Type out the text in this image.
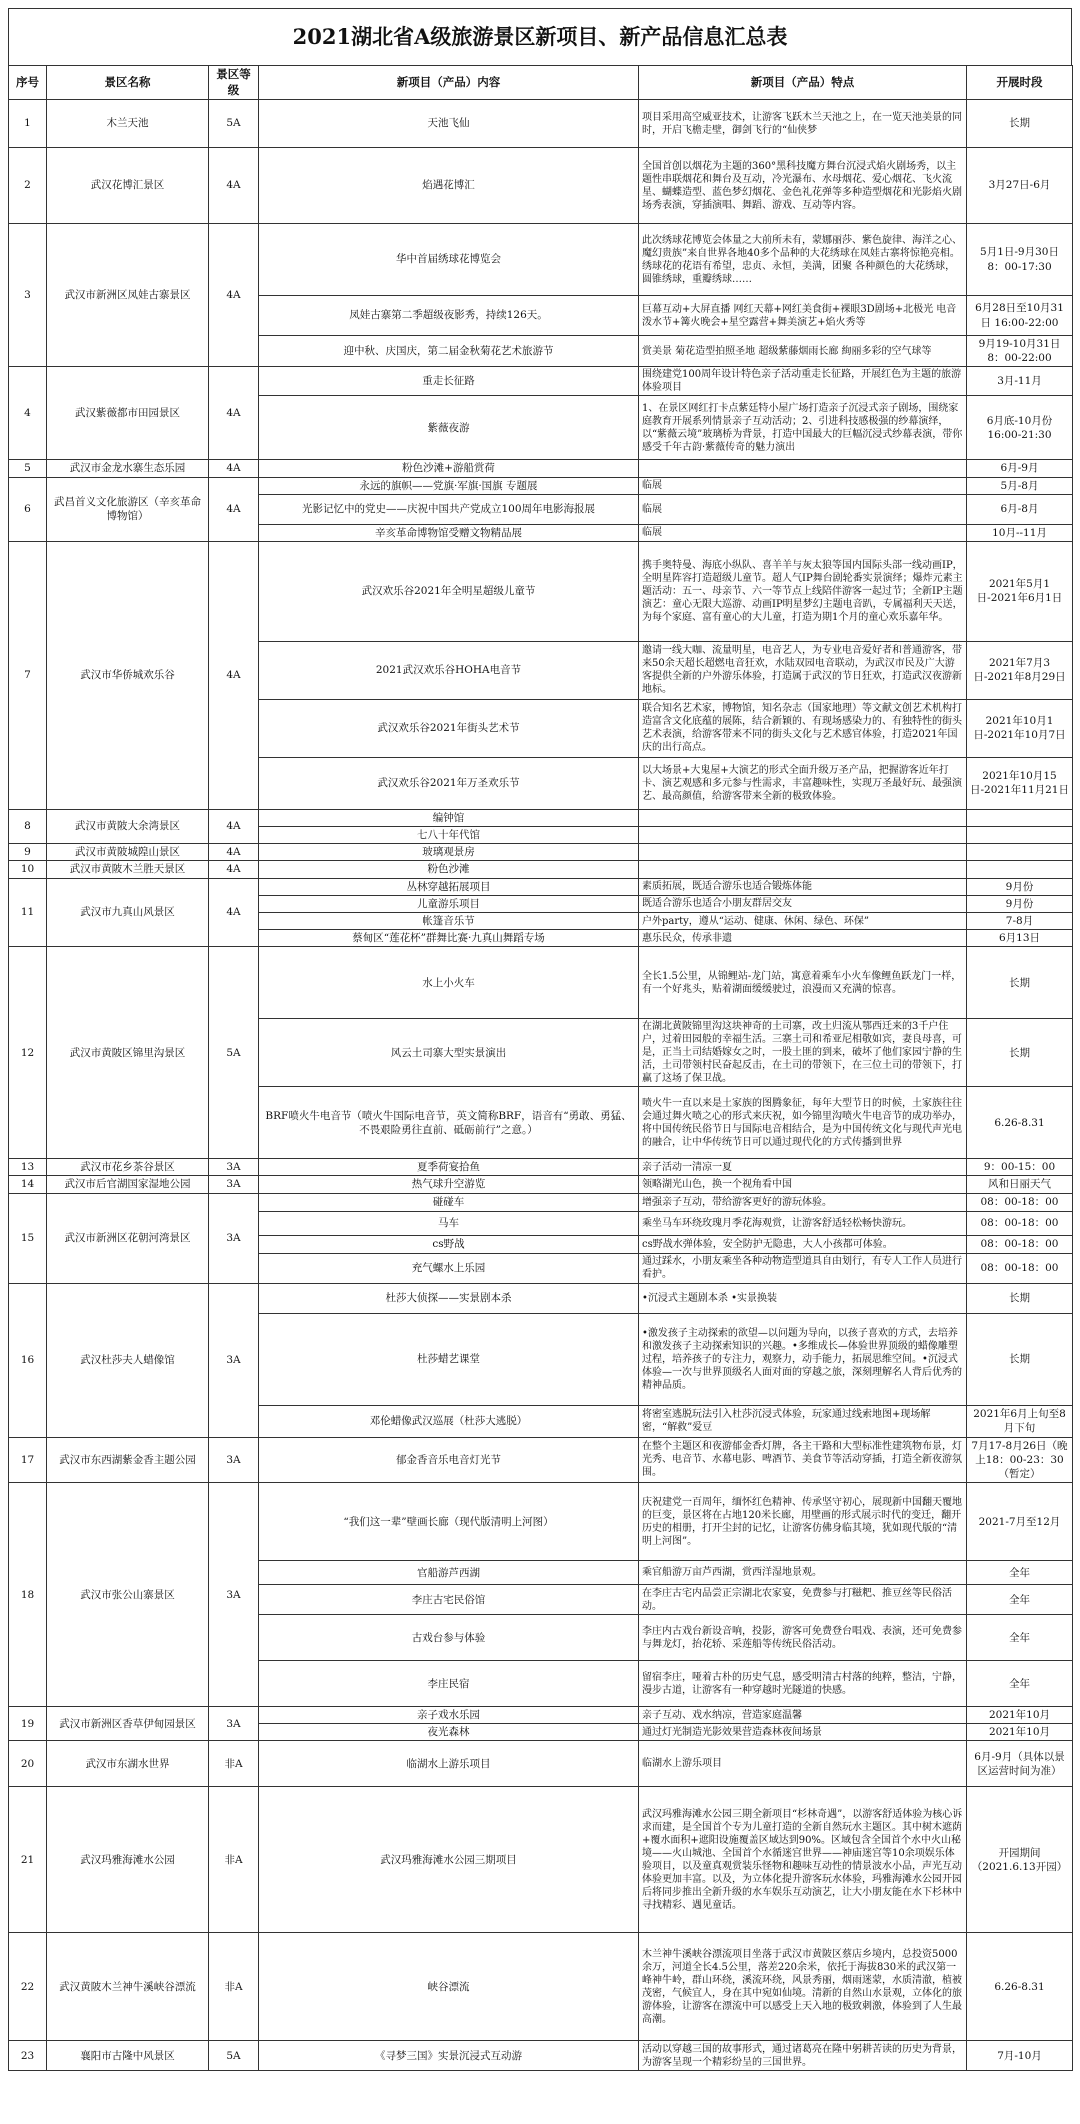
2021湖北省A级旅游景区新项目、新产品信息汇总表
序号	景区名称	景区等级	新项目（产品）内容	新项目（产品）特点	开展时段
1	木兰天池	5A	天池飞仙	项目采用高空威亚技术，让游客飞跃木兰天池之上，在一览天池美景的同时，开启飞檐走壁，御剑飞行的“仙侠梦	长期
2	武汉花博汇景区	4A	焰遇花博汇	全国首创以烟花为主题的360°黑科技魔方舞台沉浸式焰火剧场秀，以主题性串联烟花和舞台及互动，冷光瀑布、水母烟花、爱心烟花、飞火流星、蝴蝶造型、蓝色梦幻烟花、金色礼花弹等多种造型烟花和光影焰火剧场秀表演，穿插演唱、舞蹈、游戏、互动等内容。	3月27日-6月
3	武汉市新洲区凤娃古寨景区	4A	华中首届绣球花博览会	此次绣球花博览会体量之大前所未有，蒙娜丽莎、紫色旋律、海洋之心、魔幻贵族”来自世界各地40多个品种的大花绣球在凤娃古寨将惊艳亮相。绣球花的花语有希望，忠贞、永恒，美满，团聚 各种颜色的大花绣球，圆锥绣球，重瓣绣球……	5月1日-9月30日 8：00-17:30
			凤娃古寨第二季超级夜影秀，持续126天。	巨幕互动+大屏直播 网红天幕+网红美食街+裸眼3D剧场+北极光 电音泼水节+篝火晚会+星空露营+舞美演艺+焰火秀等	6月28日至10月31日 16:00-22:00
			迎中秋、庆国庆，第二届金秋菊花艺术旅游节	赏美景 菊花造型拍照圣地 超级紫藤烟雨长廊 絢丽多彩的空气球等	9月19-10月31日 8：00-22:00
4	武汉紫薇都市田园景区	4A	重走长征路	围绕建党100周年设计特色亲子活动重走长征路，开展红色为主题的旅游体验项目	3月-11月
			紫薇夜游	1、在景区网红打卡点紫廷特小屋广场打造亲子沉浸式亲子剧场，围绕家庭教育开展系列情景亲子互动活动；2、引进科技感极强的纱幕演绎，以“紫薇云境”玻璃桥为背景，打造中国最大的巨幅沉浸式纱幕表演，带你感受千年古韵·紫薇传奇的魅力演出	6月底-10月份 16:00-21:30
5	武汉市金龙水寨生态乐园	4A	粉色沙滩+游船赏荷		6月-9月
6	武昌首义文化旅游区（辛亥革命博物馆）	4A	永远的旗帜——党旗·军旗·国旗 专题展	临展	5月-8月
			光影记忆中的党史——庆祝中国共产党成立100周年电影海报展	临展	6月-8月
			辛亥革命博物馆受赠文物精品展	临展	10月--11月
7	武汉市华侨城欢乐谷	4A	武汉欢乐谷2021年全明星超级儿童节	携手奥特曼、海底小纵队、喜羊羊与灰太狼等国内国际头部一线动画IP，全明星阵容打造超级儿童节。超人气IP舞台剧轮番实景演绎；爆炸元素主题活动：五一、母亲节、六一等节点上线陪伴游客一起过节；全新IP主题演艺：童心无限大巡游、动画IP明星梦幻主题电音趴，专属福利天天送，为每个家庭、富有童心的大儿童，打造为期1个月的童心欢乐嘉年华。	2021年5月1日-2021年6月1日
			2021武汉欢乐谷HOHA电音节	邀请一线大咖、流量明星，电音艺人，为专业电音爱好者和普通游客，带来50余天超长超燃电音狂欢，水陆双园电音联动，为武汉市民及广大游客提供全新的户外游乐体验，打造属于武汉的节日狂欢，打造武汉夜游新地标。	2021年7月3日-2021年8月29日
			武汉欢乐谷2021年街头艺术节	联合知名艺术家，博物馆，知名杂志（国家地理）等文献文创艺术机构打造富含文化底蕴的展陈，结合新颖的、有现场感染力的、有独特性的街头艺术表演，给游客带来不同的街头文化与艺术感官体验，打造2021年国庆的出行高点。	2021年10月1日-2021年10月7日
			武汉欢乐谷2021年万圣欢乐节	以大场景+大鬼屋+大演艺的形式全面升级万圣产品，把握游客近年打卡、演艺观感和多元参与性需求，丰富趣味性，实现万圣最好玩、最强演艺、最高颜值，给游客带来全新的极致体验。	2021年10月15日-2021年11月21日
8	武汉市黄陂大余湾景区	4A	编钟馆		
			七八十年代馆		
9	武汉市黄陂城隍山景区	4A	玻璃观景房		
10	武汉市黄陂木兰胜天景区	4A	粉色沙滩		
11	武汉市九真山风景区	4A	丛林穿越拓展项目	素质拓展，既适合游乐也适合锻炼体能	9月份
			儿童游乐项目	既适合游乐也适合小朋友群居交友	9月份
			帐篷音乐节	户外party，遵从“运动、健康、休闲、绿色、环保”	7-8月
			蔡甸区“莲花杯”群舞比赛·九真山舞蹈专场	惠乐民众，传承非遗	6月13日
12	武汉市黄陂区锦里沟景区	5A	水上小火车	全长1.5公里，从锦鲤站-龙门站，寓意着乘车小火车像鲤鱼跃龙门一样，有一个好兆头，贴着湖面缓缓驶过，浪漫而又充满的惊喜。	长期
			风云土司寨大型实景演出	在湖北黄陂锦里沟这块神奇的土司寨，改土归流从鄂西迁来的3千户住户，过着田园般的幸福生活。三寨土司和希亚尼相敬如宾，妻良母喜，可是，正当土司结婚嫁女之时，一股土匪的到来，破坏了他们家园宁静的生活，土司带领村民奋起反击，在土司的带领下，在三位土司的带领下，打赢了这场了保卫战。	长期
			BRF喷火牛电音节（喷火牛国际电音节，英文简称BRF，语音有“勇敢、勇猛、不畏艰险勇往直前、砥砺前行”之意。）	喷火牛一直以来是土家族的图腾象征，每年大型节日的时候，土家族往往会通过舞火喷之心的形式来庆祝，如今锦里沟喷火牛电音节的成功举办，将中国传统民俗节日与国际电音相结合，是为中国传统文化与现代声光电的融合，让中华传统节日可以通过现代化的方式传播到世界	6.26-8.31
13	武汉市花乡茶谷景区	3A	夏季荷宴拾鱼	亲子活动一清凉一夏	9：00-15：00
14	武汉市后官湖国家湿地公园	3A	热气球升空游览	领略湖光山色，换一个视角看中国	风和日丽天气
15	武汉市新洲区花朝河湾景区	3A	碰碰车	增强亲子互动，带给游客更好的游玩体验。	08：00-18：00
			马车	乘坐马车环绕玫瑰月季花海观赏，让游客舒适轻松畅快游玩。	08：00-18：00
			cs野战	cs野战水弹体验，安全防护无隐患，大人小孩都可体验。	08：00-18：00
			充气螺水上乐园	通过踩水，小朋友乘坐各种动物造型道具自由划行，有专人工作人员进行看护。	08：00-18：00
16	武汉杜莎夫人蜡像馆	3A	杜莎大侦探——实景剧本杀	•沉浸式主题剧本杀 •实景换装	长期
			杜莎蜡艺课堂	•激发孩子主动探索的欲望—以问题为导向，以孩子喜欢的方式，去培养和激发孩子主动探索知识的兴趣。•多维成长—体验世界顶级的蜡像雕塑过程，培养孩子的专注力，观察力，动手能力，拓展思维空间。•沉浸式体验—一次与世界顶级名人面对面的穿越之旅，深刻理解名人背后优秀的精神品质。	长期
			邓伦蜡像武汉巡展（杜莎大逃脱）	将密室逃脱玩法引入杜莎沉浸式体验，玩家通过线索地图+现场解密，“解救”爱豆	2021年6月上旬至8月下旬
17	武汉市东西湖紫金香主题公园	3A	郁金香音乐电音灯光节	在整个主题区和夜游郁金香灯牌，各主干路和大型标准性建筑物布景，灯光秀、电音节、水幕电影、啤酒节、美食节等活动穿插，打造全新夜游氛围。	7月17-8月26日（晚上18：00-23：30（暂定）
18	武汉市张公山寨景区	3A	“我们这一辈”壁画长廊（现代版清明上河图）	庆祝建党一百周年，缅怀红色精神、传承坚守初心，展现新中国翻天覆地的巨变，景区将在占地120米长廊，用壁画的形式展示时代的变迁，翻开历史的相册，打开尘封的记忆，让游客仿佛身临其境，犹如现代版的“清明上河图”。	2021-7月至12月
			官船游芦西湖	乘官船游万亩芦西湖，赏西洋湿地景观。	全年
			李庄古宅民俗馆	在李庄古宅内品尝正宗湖北农家宴，免费参与打糍粑、推豆丝等民俗活动。	全年
			古戏台参与体验	李庄内古戏台新设音响，投影，游客可免费登台唱戏、表演，还可免费参与舞龙灯，抬花轿、采莲船等传统民俗活动。	全年
			李庄民宿	留宿李庄，哑着古朴的历史气息，感受明清古村落的纯粹，整洁，宁静，漫步古道，让游客有一种穿越时光隧道的快感。	全年
19	武汉市新洲区香草伊甸园景区	3A	亲子戏水乐园	亲子互动、戏水纳凉，营造家庭温馨	2021年10月
			夜光森林	通过灯光制造光影效果营造森林夜间场景	2021年10月
20	武汉市东湖水世界	非A	临湖水上游乐项目	临湖水上游乐项目	6月-9月（具体以景区运营时间为准）
21	武汉玛雅海滩水公园	非A	武汉玛雅海滩水公园三期项目	武汉玛雅海滩水公园三期全新项目“杉林奇遇”，以游客舒适体验为核心诉求而建，是全国首个专为儿童打造的全新自然玩水主题区。其中树木遮荫+覆水面积+遮阳设施覆盖区域达到90%。区域包含全国首个水中火山秘境——火山城池、全国首个水循迷宫世界——神庙迷宫等10余项娱乐体验项目，以及童真观赏装乐怪物和趣味互动性的情景波水小品，声光互动体验更加丰富。以及，为立体化提升游客玩水体验，玛雅海滩水公园开园后将同步推出全新升级的水车娱乐互动演艺，让大小朋友能在水下杉林中寻找精彩、遇见童话。	开园期间（2021.6.13开园）
22	武汉黄陂木兰神牛溪峡谷漂流	非A	峡谷漂流	木兰神牛溪峡谷漂流项目坐落于武汉市黄陂区蔡店乡境内，总投资5000余万，河道全长4.5公里，落差220余米，依托于海拔830米的武汉第一峰神牛岭，群山环绕，溪流环绕，风景秀丽，烟雨迷蒙，水质清澈，植被茂密，气候宜人，身在其中宛如仙境。清新的自然山水景观，立体化的旅游体验，让游客在漂流中可以感受上天入地的极致刺激，体验到了人生最高潮。	6.26-8.31
23	襄阳市古隆中风景区	5A	《寻梦三国》实景沉浸式互动游	活动以穿越三国的故事形式，通过诸葛亮在隆中躬耕苦读的历史为背景，为游客呈现一个精彩纷呈的三国世界。	7月-10月
